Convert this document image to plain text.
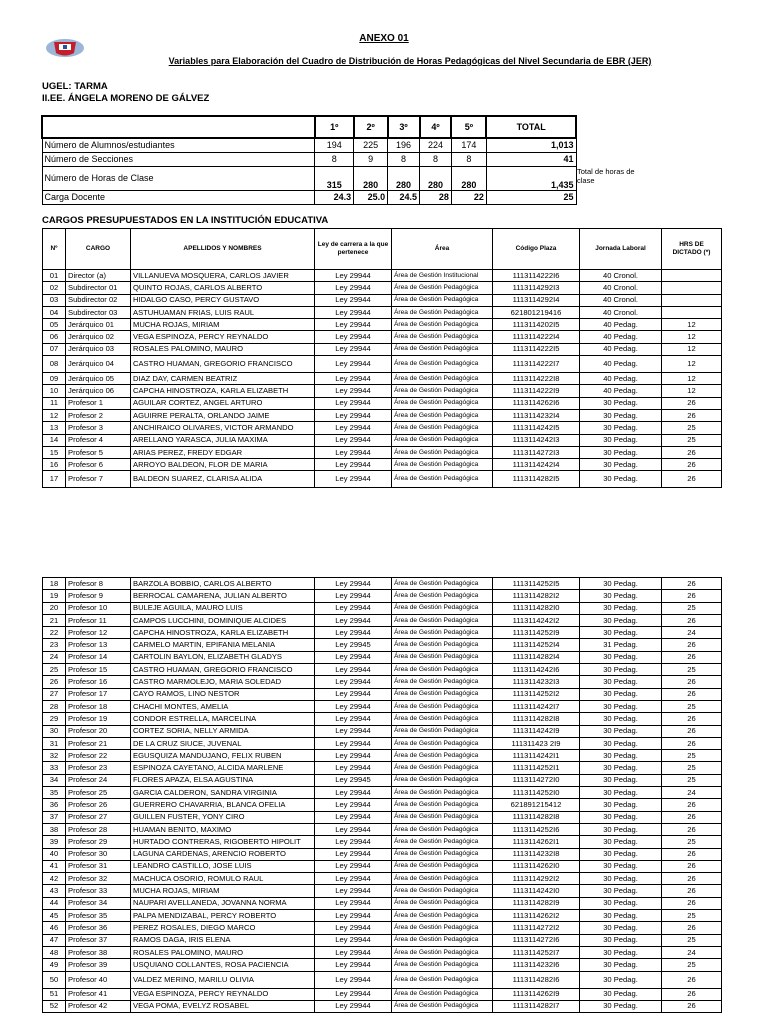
ANEXO 01
Variables para Elaboración del Cuadro de Distribución de Horas Pedagógicas del Nivel Secundaria de EBR (JER)
UGEL: TARMA
II.EE. ÁNGELA MORENO DE GÁLVEZ
	1º	2º	3º	4º	5º	TOTAL
Número de Alumnos/estudiantes	194	225	196	224	174	1,013
Número de Secciones	8	9	8	8	8	41
Número de Horas de Clase	315	280	280	280	280	1,435
Carga Docente	24.3	25.0	24.5	28	22	25
Total de horas de clase
CARGOS PRESUPUESTADOS EN LA INSTITUCIÓN EDUCATIVA
Nº	CARGO	APELLIDOS Y NOMBRES	Ley de carrera a la que pertenece	Área	Código Plaza	Jornada Laboral	HRS DE DICTADO (*)
01	Director (a)	VILLANUEVA MOSQUERA, CARLOS JAVIER	Ley 29944	Área de Gestión Institucional	1113114222I6	40 Cronol.	
02	Subdirector 01	QUINTO ROJAS, CARLOS ALBERTO	Ley 29944	Área de Gestión Pedagógica	1113114292I3	40 Cronol.	
03	Subdirector 02	HIDALGO CASO, PERCY GUSTAVO	Ley 29944	Área de Gestión Pedagógica	1113114292I4	40 Cronol.	
04	Subdirector 03	ASTUHUAMAN FRIAS, LUIS RAUL	Ley 29944	Área de Gestión Pedagógica	621801219416	40 Cronol.	
05	Jerárquico 01	MUCHA ROJAS, MIRIAM	Ley 29944	Área de Gestión Pedagógica	1113114202I5	40 Pedag.	12
06	Jerárquico 02	VEGA ESPINOZA, PERCY REYNALDO	Ley 29944	Área de Gestión Pedagógica	1113114222I4	40 Pedag.	12
07	Jerárquico 03	ROSALES PALOMINO, MAURO	Ley 29944	Área de Gestión Pedagógica	1113114222I5	40 Pedag.	12
08	Jerárquico 04	CASTRO HUAMAN, GREGORIO FRANCISCO	Ley 29944	Área de Gestión Pedagógica	1113114222I7	40 Pedag.	12
09	Jerárquico 05	DIAZ DAY, CARMEN BEATRIZ	Ley 29944	Área de Gestión Pedagógica	1113114222I8	40 Pedag.	12
10	Jerárquico 06	CAPCHA HINOSTROZA, KARLA ELIZABETH	Ley 29944	Área de Gestión Pedagógica	1113114222I9	40 Pedag.	12
11	Profesor 1	AGUILAR CORTEZ, ANGEL ARTURO	Ley 29944	Área de Gestión Pedagógica	1113114262I6	30 Pedag.	26
12	Profesor 2	AGUIRRE PERALTA, ORLANDO JAIME	Ley 29944	Área de Gestión Pedagógica	1113114232I4	30 Pedag.	26
13	Profesor 3	ANCHIRAICO OLIVARES, VICTOR ARMANDO	Ley 29944	Área de Gestión Pedagógica	1113114242I5	30 Pedag.	25
14	Profesor 4	ARELLANO YARASCA, JULIA MAXIMA	Ley 29944	Área de Gestión Pedagógica	1113114242I3	30 Pedag.	25
15	Profesor 5	ARIAS PEREZ, FREDY EDGAR	Ley 29944	Área de Gestión Pedagógica	1113114272I3	30 Pedag.	26
16	Profesor 6	ARROYO BALDEON, FLOR DE MARIA	Ley 29944	Área de Gestión Pedagógica	1113114242I4	30 Pedag.	26
17	Profesor 7	BALDEON SUAREZ, CLARISA ALIDA	Ley 29944	Área de Gestión Pedagógica	1113114282I5	30 Pedag.	26
18	Profesor 8	BARZOLA BOBBIO, CARLOS ALBERTO	Ley 29944	Área de Gestión Pedagógica	1113114252I5	30 Pedag.	26
19	Profesor 9	BERROCAL CAMARENA, JULIAN ALBERTO	Ley 29944	Área de Gestión Pedagógica	1113114282I2	30 Pedag.	26
20	Profesor 10	BULEJE AGUILA, MAURO LUIS	Ley 29944	Área de Gestión Pedagógica	1113114282I0	30 Pedag.	25
21	Profesor 11	CAMPOS LUCCHINI, DOMINIQUE ALCIDES	Ley 29944	Área de Gestión Pedagógica	1113114242I2	30 Pedag.	26
22	Profesor 12	CAPCHA HINOSTROZA, KARLA ELIZABETH	Ley 29944	Área de Gestión Pedagógica	1113114252I9	30 Pedag.	24
23	Profesor 13	CARMELO MARTIN, EPIFANIA MELANIA	Ley 29945	Área de Gestión Pedagógica	1113114252I4	31 Pedag.	26
24	Profesor 14	CARTOLIN BAYLON, ELIZABETH GLADYS	Ley 29944	Área de Gestión Pedagógica	1113114282I4	30 Pedag.	26
25	Profesor 15	CASTRO HUAMAN, GREGORIO FRANCISCO	Ley 29944	Área de Gestión Pedagógica	1113114242I6	30 Pedag.	25
26	Profesor 16	CASTRO MARMOLEJO, MARIA SOLEDAD	Ley 29944	Área de Gestión Pedagógica	1113114232I3	30 Pedag.	26
27	Profesor 17	CAYO RAMOS, LINO NESTOR	Ley 29944	Área de Gestión Pedagógica	1113114252I2	30 Pedag.	26
28	Profesor 18	CHACHI MONTES, AMELIA	Ley 29944	Área de Gestión Pedagógica	1113114242I7	30 Pedag.	25
29	Profesor 19	CONDOR ESTRELLA, MARCELINA	Ley 29944	Área de Gestión Pedagógica	1113114282I8	30 Pedag.	26
30	Profesor 20	CORTEZ SORIA, NELLY ARMIDA	Ley 29944	Área de Gestión Pedagógica	1113114242I9	30 Pedag.	26
31	Profesor 21	DE LA CRUZ SIUCE, JUVENAL	Ley 29944	Área de Gestión Pedagógica	111311423 2I9	30 Pedag.	26
32	Profesor 22	EGUSQUIZA MANDUJANO, FELIX RUBEN	Ley 29944	Área de Gestión Pedagógica	1113114242I1	30 Pedag.	25
33	Profesor 23	ESPINOZA CAYETANO, ALCIDA MARLENE	Ley 29944	Área de Gestión Pedagógica	1113114252I1	30 Pedag.	25
34	Profesor 24	FLORES APAZA, ELSA AGUSTINA	Ley 29945	Área de Gestión Pedagógica	1113114272I0	30 Pedag.	25
35	Profesor 25	GARCIA CALDERON, SANDRA VIRGINIA	Ley 29944	Área de Gestión Pedagógica	1113114252I0	30 Pedag.	24
36	Profesor 26	GUERRERO CHAVARRIA, BLANCA OFELIA	Ley 29944	Área de Gestión Pedagógica	621891215412	30 Pedag.	26
37	Profesor 27	GUILLEN FUSTER, YONY CIRO	Ley 29944	Área de Gestión Pedagógica	1113114282I8	30 Pedag.	26
38	Profesor 28	HUAMAN BENITO, MAXIMO	Ley 29944	Área de Gestión Pedagógica	1113114252I6	30 Pedag.	26
39	Profesor 29	HURTADO CONTRERAS, RIGOBERTO HIPOLIT	Ley 29944	Área de Gestión Pedagógica	1113114262I1	30 Pedag.	25
40	Profesor 30	LAGUNA CARDENAS, ARENCIO ROBERTO	Ley 29944	Área de Gestión Pedagógica	1113114232I8	30 Pedag.	26
41	Profesor 31	LEANDRO CASTILLO, JOSE LUIS	Ley 29944	Área de Gestión Pedagógica	1113114262I0	30 Pedag.	26
42	Profesor 32	MACHUCA OSORIO, ROMULO RAUL	Ley 29944	Área de Gestión Pedagógica	1113114292I2	30 Pedag.	26
43	Profesor 33	MUCHA ROJAS, MIRIAM	Ley 29944	Área de Gestión Pedagógica	1113114242I0	30 Pedag.	26
44	Profesor 34	NAUPARI AVELLANEDA, JOVANNA NORMA	Ley 29944	Área de Gestión Pedagógica	1113114282I9	30 Pedag.	26
45	Profesor 35	PALPA MENDIZABAL, PERCY ROBERTO	Ley 29944	Área de Gestión Pedagógica	1113114262I2	30 Pedag.	25
46	Profesor 36	PEREZ ROSALES, DIEGO MARCO	Ley 29944	Área de Gestión Pedagógica	1113114272I2	30 Pedag.	26
47	Profesor 37	RAMOS DAGA, IRIS ELENA	Ley 29944	Área de Gestión Pedagógica	1113114272I6	30 Pedag.	25
48	Profesor 38	ROSALES PALOMINO, MAURO	Ley 29944	Área de Gestión Pedagógica	1113114252I7	30 Pedag.	24
49	Profesor 39	USQUIANO COLLANTES, ROSA PACIENCIA	Ley 29944	Área de Gestión Pedagógica	1113114232I6	30 Pedag.	25
50	Profesor 40	VALDEZ MERINO, MARILU OLIVIA	Ley 29944	Área de Gestión Pedagógica	1113114282I6	30 Pedag.	26
51	Profesor 41	VEGA ESPINOZA, PERCY REYNALDO	Ley 29944	Área de Gestión Pedagógica	1113114262I9	30 Pedag.	26
52	Profesor 42	VEGA POMA, EVELYZ ROSABEL	Ley 29944	Área de Gestión Pedagógica	1113114282I7	30 Pedag.	26
